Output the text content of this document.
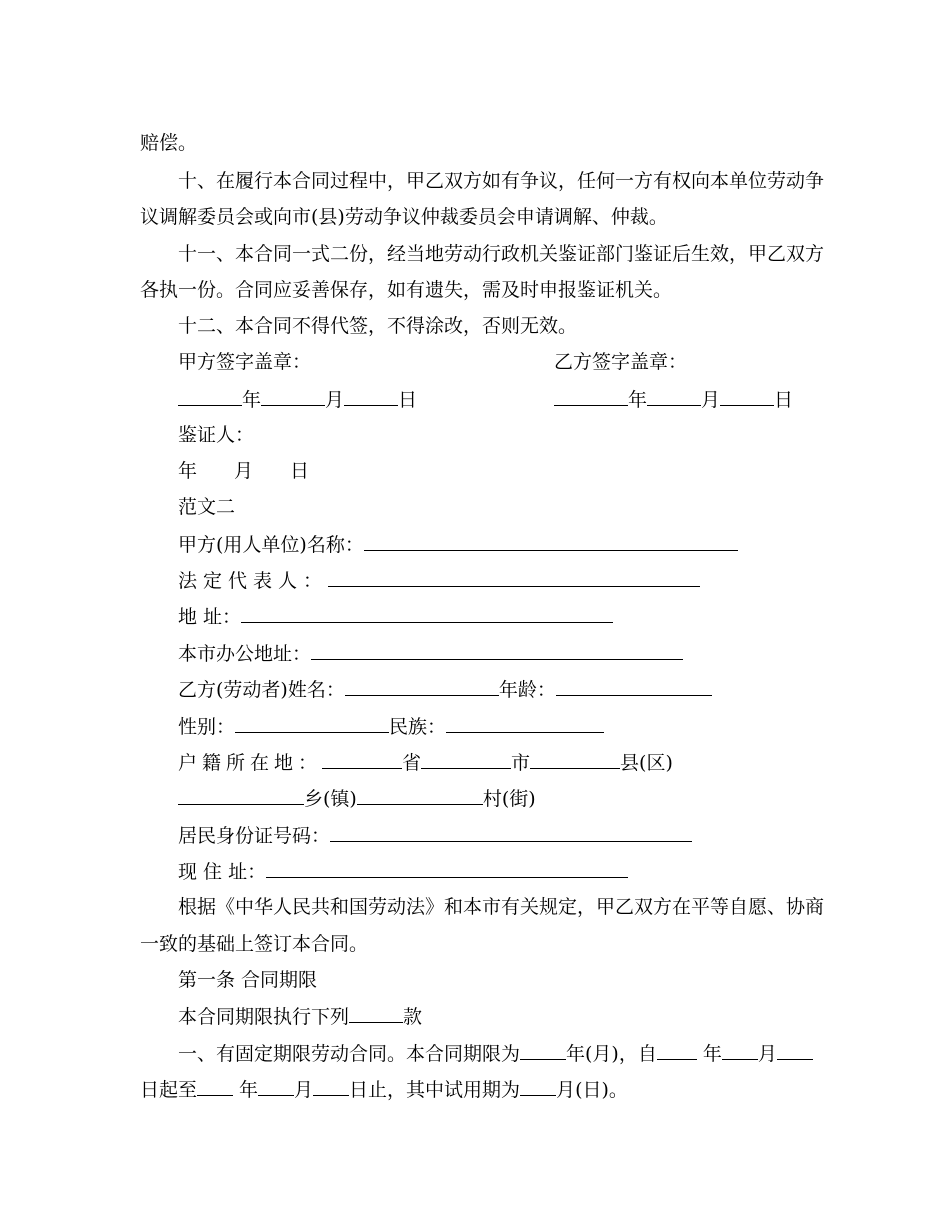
赔偿。
十、在履行本合同过程中，甲乙双方如有争议，任何一方有权向本单位劳动争
议调解委员会或向市(县)劳动争议仲裁委员会申请调解、仲裁。
十一、本合同一式二份，经当地劳动行政机关鉴证部门鉴证后生效，甲乙双方
各执一份。合同应妥善保存，如有遗失，需及时申报鉴证机关。
十二、本合同不得代签，不得涂改，否则无效。
甲方签字盖章：	乙方签字盖章：
年	月	日	年	月	日
鉴证人：
年 月 日
范文二
甲方(用人单位)名称：
法定代表人：
地 址：
本市办公地址：
乙方(劳动者)姓名：	年龄：
性别：	民族：
户籍所在地：	省	市	县(区)
乡(镇)	村(街)
居民身份证号码：
现 住 址：
根据《中华人民共和国劳动法》和本市有关规定，甲乙双方在平等自愿、协商
一致的基础上签订本合同。
第一条 合同期限
本合同期限执行下列	款
一、有固定期限劳动合同。本合同期限为 年(月)，自 年 月
日起至 年 月 日止，其中试用期为 月(日)。
